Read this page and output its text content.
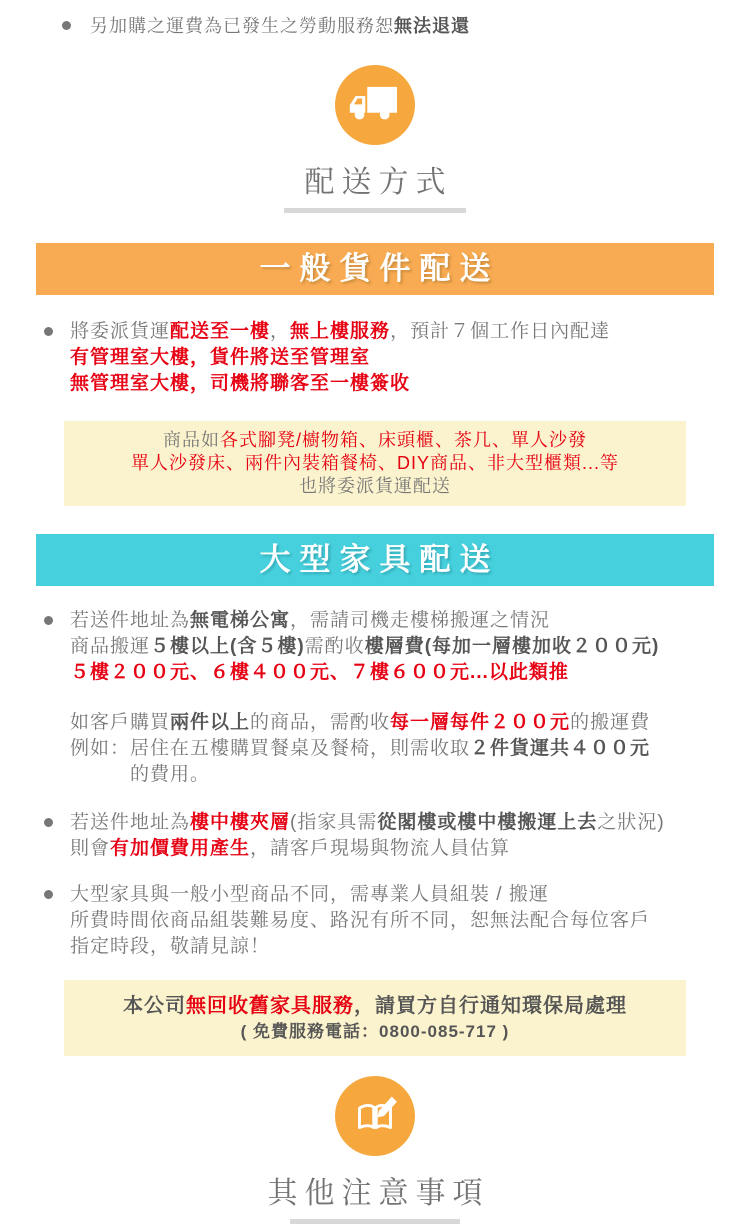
另加購之運費為已發生之勞動服務恕無法退還
配送方式
一般貨件配送
將委派貨運配送至一樓，無上樓服務，預計７個工作日內配達
有管理室大樓，貨件將送至管理室
無管理室大樓，司機將聯客至一樓簽收
商品如各式腳凳/櫥物箱、床頭櫃、茶几、單人沙發
單人沙發床、兩件內裝箱餐椅、DIY商品、非大型櫃類...等
也將委派貨運配送
大型家具配送
若送件地址為無電梯公寓，需請司機走樓梯搬運之情況
商品搬運５樓以上(含５樓)需酌收樓層費(每加一層樓加收２００元)
５樓２００元、６樓４００元、７樓６００元...以此類推
如客戶購買兩件以上的商品，需酌收每一層每件２００元的搬運費
例如：居住在五樓購買餐桌及餐椅，則需收取２件貨運共４００元
的費用。
若送件地址為樓中樓夾層(指家具需從閣樓或樓中樓搬運上去之狀況)
則會有加價費用產生，請客戶現場與物流人員估算
大型家具與一般小型商品不同，需專業人員組裝 / 搬運
所費時間依商品組裝難易度、路況有所不同，恕無法配合每位客戶
指定時段，敬請見諒！
本公司無回收舊家具服務，請買方自行通知環保局處理
( 免費服務電話：0800-085-717 )
其他注意事項
